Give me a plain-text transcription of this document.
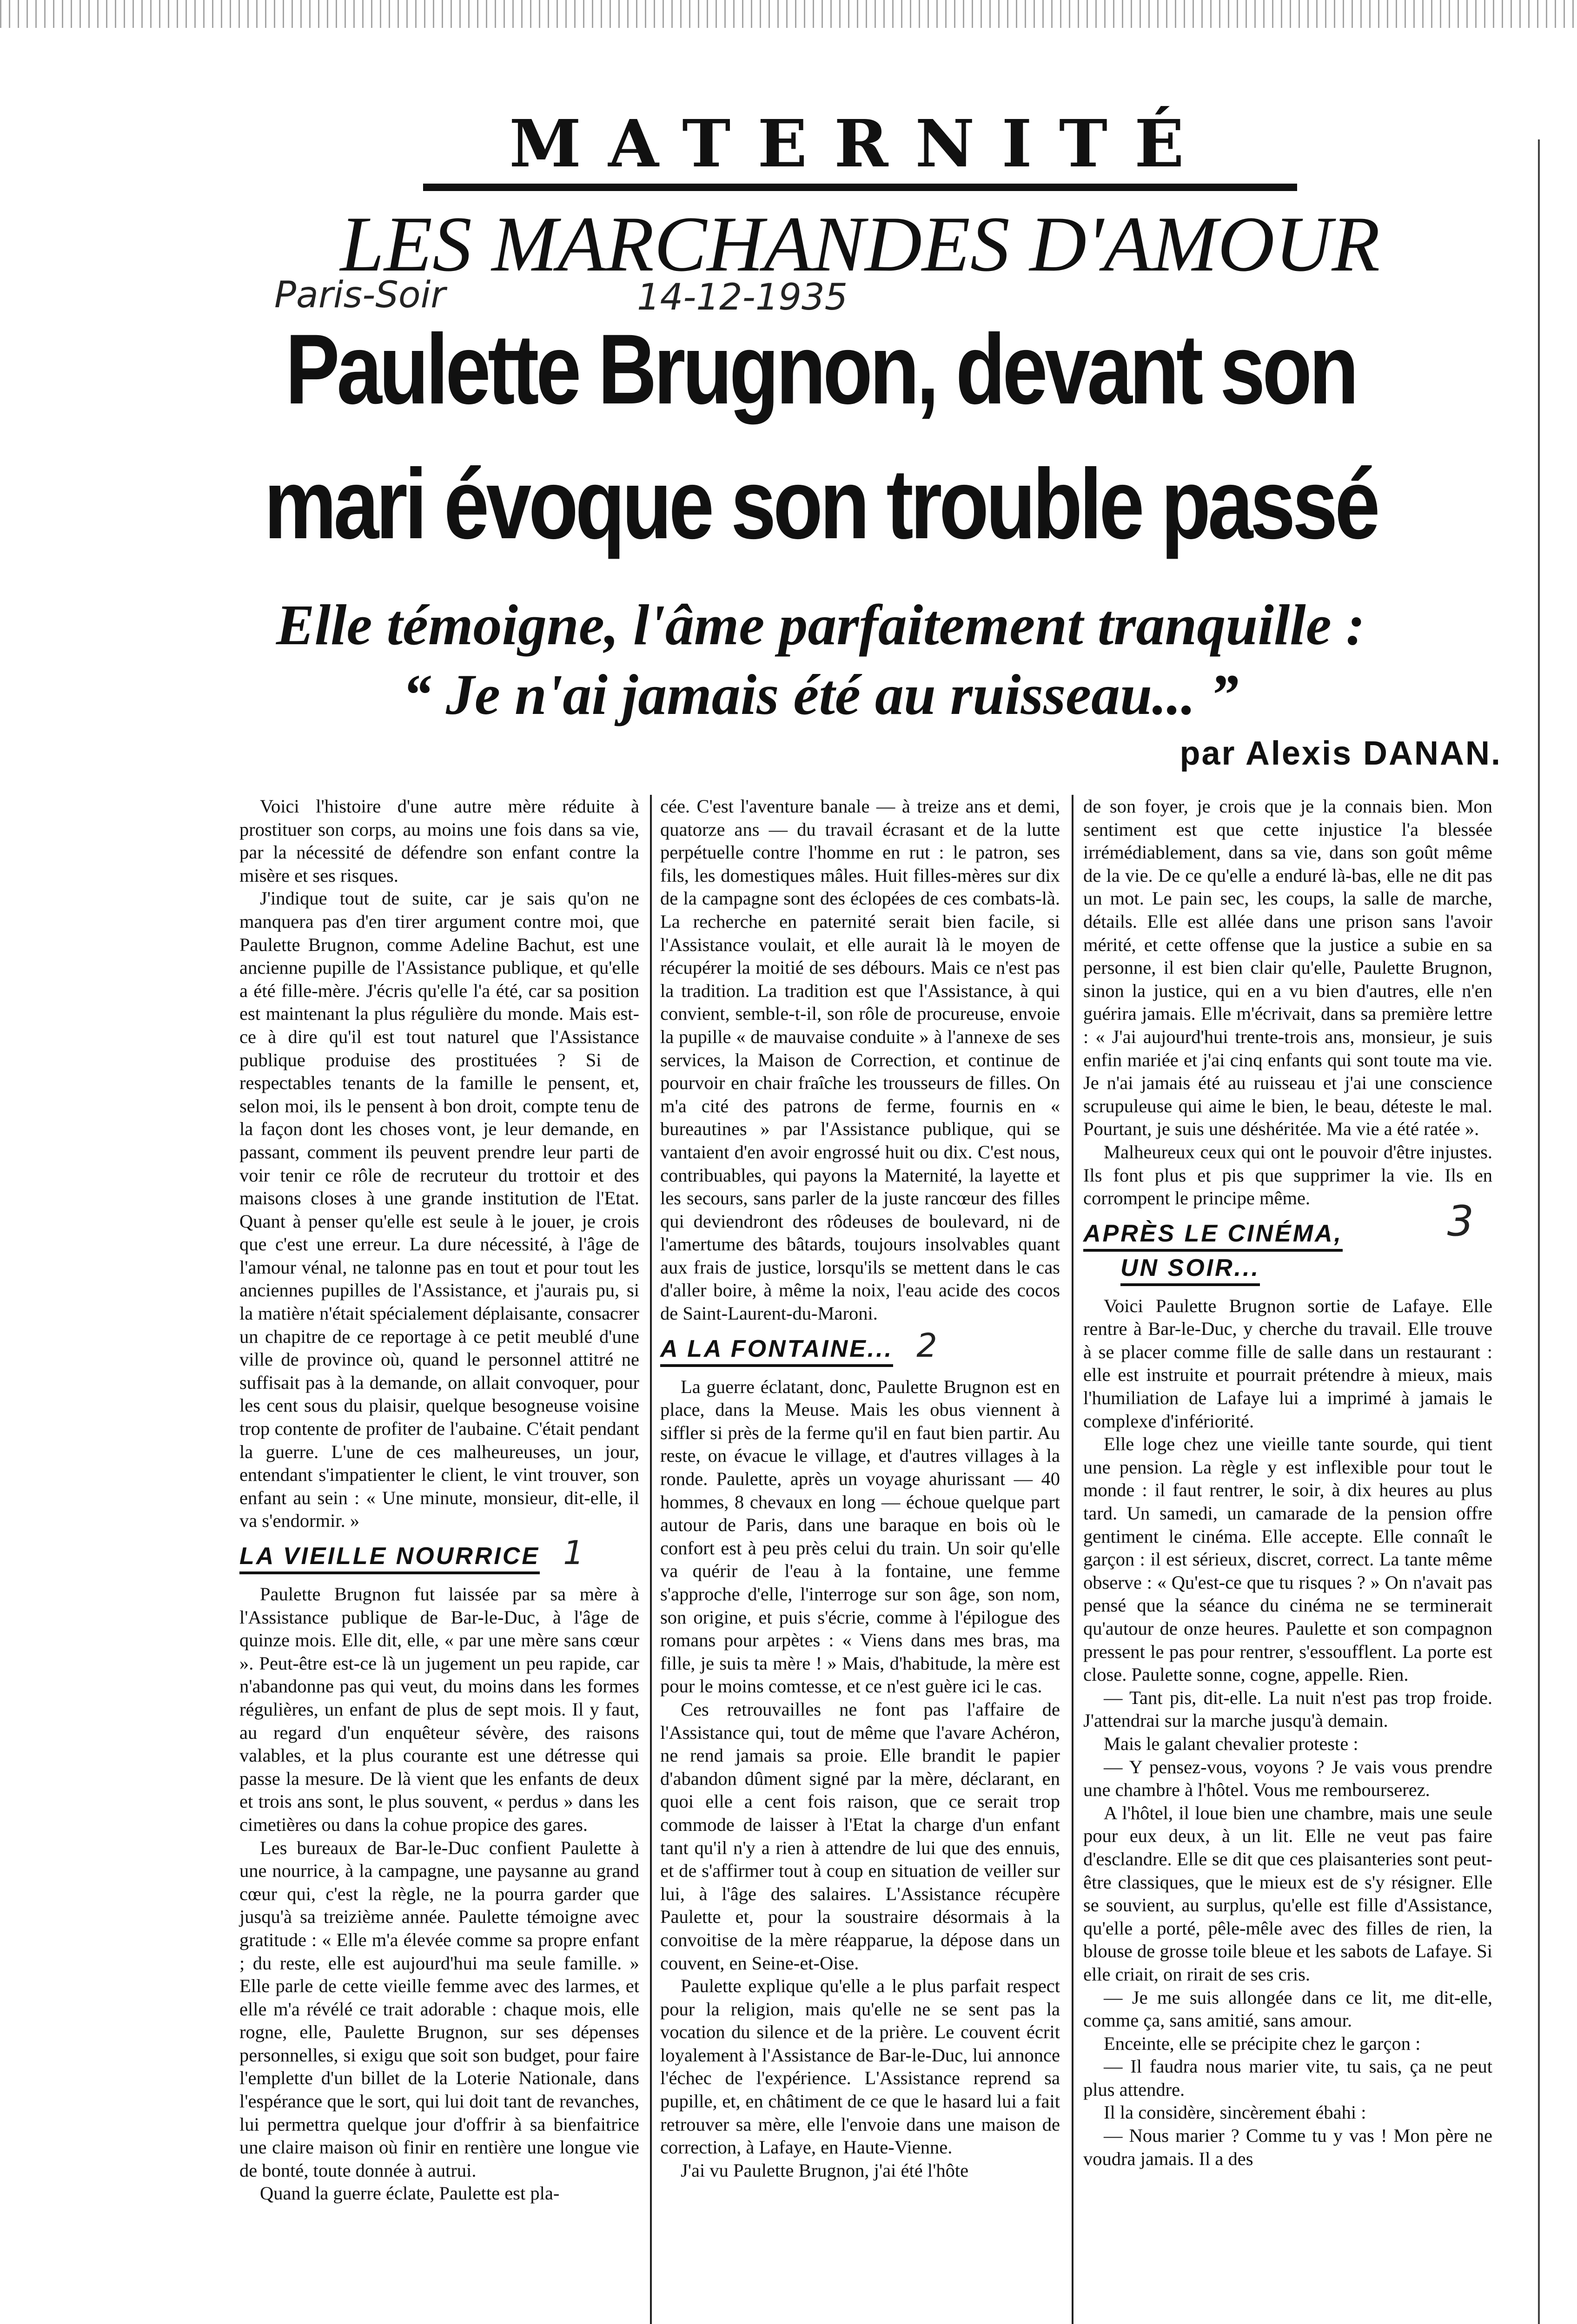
MATERNITÉ
LES MARCHANDES D'AMOUR
Paris-Soir	14-12-1935
Paulette Brugnon, devant son mari évoque son trouble passé
Elle témoigne, l'âme parfaitement tranquille :
“ Je n'ai jamais été au ruisseau... ”
par Alexis DANAN.

Voici l'histoire d'une autre mère réduite à prostituer son corps, au moins une fois dans sa vie, par la nécessité de défendre son enfant contre la misère et ses risques.

J'indique tout de suite, car je sais qu'on ne manquera pas d'en tirer argument contre moi, que Paulette Brugnon, comme Adeline Bachut, est une ancienne pupille de l'Assistance publique, et qu'elle a été fille-mère. J'écris qu'elle l'a été, car sa position est maintenant la plus régulière du monde. Mais est-ce à dire qu'il est tout naturel que l'Assistance publique produise des prostituées ? Si de respectables tenants de la famille le pensent, et, selon moi, ils le pensent à bon droit, compte tenu de la façon dont les choses vont, je leur demande, en passant, comment ils peuvent prendre leur parti de voir tenir ce rôle de recruteur du trottoir et des maisons closes à une grande institution de l'Etat. Quant à penser qu'elle est seule à le jouer, je crois que c'est une erreur. La dure nécessité, à l'âge de l'amour vénal, ne talonne pas en tout et pour tout les anciennes pupilles de l'Assistance, et j'aurais pu, si la matière n'était spécialement déplaisante, consacrer un chapitre de ce reportage à ce petit meublé d'une ville de province où, quand le personnel attitré ne suffisait pas à la demande, on allait convoquer, pour les cent sous du plaisir, quelque besogneuse voisine trop contente de profiter de l'aubaine. C'était pendant la guerre. L'une de ces malheureuses, un jour, entendant s'impatienter le client, le vint trouver, son enfant au sein : « Une minute, monsieur, dit-elle, il va s'endormir. »

LA VIEILLE NOURRICE 1

Paulette Brugnon fut laissée par sa mère à l'Assistance publique de Bar-le-Duc, à l'âge de quinze mois. Elle dit, elle, « par une mère sans cœur ». Peut-être est-ce là un jugement un peu rapide, car n'abandonne pas qui veut, du moins dans les formes régulières, un enfant de plus de sept mois. Il y faut, au regard d'un enquêteur sévère, des raisons valables, et la plus courante est une détresse qui passe la mesure. De là vient que les enfants de deux et trois ans sont, le plus souvent, « perdus » dans les cimetières ou dans la cohue propice des gares.

Les bureaux de Bar-le-Duc confient Paulette à une nourrice, à la campagne, une paysanne au grand cœur qui, c'est la règle, ne la pourra garder que jusqu'à sa treizième année. Paulette témoigne avec gratitude : « Elle m'a élevée comme sa propre enfant ; du reste, elle est aujourd'hui ma seule famille. » Elle parle de cette vieille femme avec des larmes, et elle m'a révélé ce trait adorable : chaque mois, elle rogne, elle, Paulette Brugnon, sur ses dépenses personnelles, si exigu que soit son budget, pour faire l'emplette d'un billet de la Loterie Nationale, dans l'espérance que le sort, qui lui doit tant de revanches, lui permettra quelque jour d'offrir à sa bienfaitrice une claire maison où finir en rentière une longue vie de bonté, toute donnée à autrui.

Quand la guerre éclate, Paulette est pla-

cée. C'est l'aventure banale — à treize ans et demi, quatorze ans — du travail écrasant et de la lutte perpétuelle contre l'homme en rut : le patron, ses fils, les domestiques mâles. Huit filles-mères sur dix de la campagne sont des éclopées de ces combats-là. La recherche en paternité serait bien facile, si l'Assistance voulait, et elle aurait là le moyen de récupérer la moitié de ses débours. Mais ce n'est pas la tradition. La tradition est que l'Assistance, à qui convient, semble-t-il, son rôle de procureuse, envoie la pupille « de mauvaise conduite » à l'annexe de ses services, la Maison de Correction, et continue de pourvoir en chair fraîche les trousseurs de filles. On m'a cité des patrons de ferme, fournis en « bureautines » par l'Assistance publique, qui se vantaient d'en avoir engrossé huit ou dix. C'est nous, contribuables, qui payons la Maternité, la layette et les secours, sans parler de la juste rancœur des filles qui deviendront des rôdeuses de boulevard, ni de l'amertume des bâtards, toujours insolvables quant aux frais de justice, lorsqu'ils se mettent dans le cas d'aller boire, à même la noix, l'eau acide des cocos de Saint-Laurent-du-Maroni.

A LA FONTAINE... 2

La guerre éclatant, donc, Paulette Brugnon est en place, dans la Meuse. Mais les obus viennent à siffler si près de la ferme qu'il en faut bien partir. Au reste, on évacue le village, et d'autres villages à la ronde. Paulette, après un voyage ahurissant — 40 hommes, 8 chevaux en long — échoue quelque part autour de Paris, dans une baraque en bois où le confort est à peu près celui du train. Un soir qu'elle va quérir de l'eau à la fontaine, une femme s'approche d'elle, l'interroge sur son âge, son nom, son origine, et puis s'écrie, comme à l'épilogue des romans pour arpètes : « Viens dans mes bras, ma fille, je suis ta mère ! » Mais, d'habitude, la mère est pour le moins comtesse, et ce n'est guère ici le cas.

Ces retrouvailles ne font pas l'affaire de l'Assistance qui, tout de même que l'avare Achéron, ne rend jamais sa proie. Elle brandit le papier d'abandon dûment signé par la mère, déclarant, en quoi elle a cent fois raison, que ce serait trop commode de laisser à l'Etat la charge d'un enfant tant qu'il n'y a rien à attendre de lui que des ennuis, et de s'affirmer tout à coup en situation de veiller sur lui, à l'âge des salaires. L'Assistance récupère Paulette et, pour la soustraire désormais à la convoitise de la mère réapparue, la dépose dans un couvent, en Seine-et-Oise.

Paulette explique qu'elle a le plus parfait respect pour la religion, mais qu'elle ne se sent pas la vocation du silence et de la prière. Le couvent écrit loyalement à l'Assistance de Bar-le-Duc, lui annonce l'échec de l'expérience. L'Assistance reprend sa pupille, et, en châtiment de ce que le hasard lui a fait retrouver sa mère, elle l'envoie dans une maison de correction, à Lafaye, en Haute-Vienne.

J'ai vu Paulette Brugnon, j'ai été l'hôte

de son foyer, je crois que je la connais bien. Mon sentiment est que cette injustice l'a blessée irrémédiablement, dans sa vie, dans son goût même de la vie. De ce qu'elle a enduré là-bas, elle ne dit pas un mot. Le pain sec, les coups, la salle de marche, détails. Elle est allée dans une prison sans l'avoir mérité, et cette offense que la justice a subie en sa personne, il est bien clair qu'elle, Paulette Brugnon, sinon la justice, qui en a vu bien d'autres, elle n'en guérira jamais. Elle m'écrivait, dans sa première lettre : « J'ai aujourd'hui trente-trois ans, monsieur, je suis enfin mariée et j'ai cinq enfants qui sont toute ma vie. Je n'ai jamais été au ruisseau et j'ai une conscience scrupuleuse qui aime le bien, le beau, déteste le mal. Pourtant, je suis une déshéritée. Ma vie a été ratée ».

Malheureux ceux qui ont le pouvoir d'être injustes. Ils font plus et pis que supprimer la vie. Ils en corrompent le principe même.

APRÈS LE CINÉMA,
UN SOIR...
3

Voici Paulette Brugnon sortie de Lafaye. Elle rentre à Bar-le-Duc, y cherche du travail. Elle trouve à se placer comme fille de salle dans un restaurant : elle est instruite et pourrait prétendre à mieux, mais l'humiliation de Lafaye lui a imprimé à jamais le complexe d'infériorité.

Elle loge chez une vieille tante sourde, qui tient une pension. La règle y est inflexible pour tout le monde : il faut rentrer, le soir, à dix heures au plus tard. Un samedi, un camarade de la pension offre gentiment le cinéma. Elle accepte. Elle connaît le garçon : il est sérieux, discret, correct. La tante même observe : « Qu'est-ce que tu risques ? » On n'avait pas pensé que la séance du cinéma ne se terminerait qu'autour de onze heures. Paulette et son compagnon pressent le pas pour rentrer, s'essoufflent. La porte est close. Paulette sonne, cogne, appelle. Rien.

— Tant pis, dit-elle. La nuit n'est pas trop froide. J'attendrai sur la marche jusqu'à demain.

Mais le galant chevalier proteste :

— Y pensez-vous, voyons ? Je vais vous prendre une chambre à l'hôtel. Vous me rembourserez.

A l'hôtel, il loue bien une chambre, mais une seule pour eux deux, à un lit. Elle ne veut pas faire d'esclandre. Elle se dit que ces plaisanteries sont peut-être classiques, que le mieux est de s'y résigner. Elle se souvient, au surplus, qu'elle est fille d'Assistance, qu'elle a porté, pêle-mêle avec des filles de rien, la blouse de grosse toile bleue et les sabots de Lafaye. Si elle criait, on rirait de ses cris.

— Je me suis allongée dans ce lit, me dit-elle, comme ça, sans amitié, sans amour.

Enceinte, elle se précipite chez le garçon :

— Il faudra nous marier vite, tu sais, ça ne peut plus attendre.

Il la considère, sincèrement ébahi :

— Nous marier ? Comme tu y vas ! Mon père ne voudra jamais. Il a des
